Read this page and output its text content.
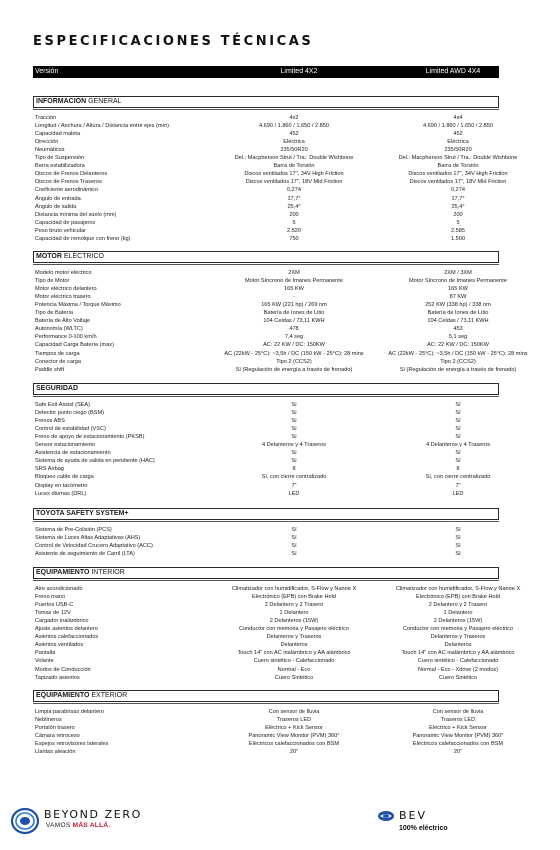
ESPECIFICACIONES TÉCNICAS
Versión	Limited 4X2	Limited AWD 4X4
INFORMACIÓN GENERAL
Tracción	4x2	4x4
Longitud / Anchura / Altura / Distancia entre ejes (mm)	4.690 / 1.860 / 1.650 / 2.850	4.690 / 1.860 / 1.650 / 2.850
Capacidad maleta	452	452
Dirección	Eléctrica	Eléctrica
Neumáticos	235/50R20	235/50R20
Tipo de Suspensión	Del.: Macpherson Strut / Tra.: Double Wishbone	Del.: Macpherson Strut / Tra.: Double Wishbone
Barra estabilizadora	Barra de Torsión	Barra de Torsión
Discos de Frenos Delanteros	Discos ventilados 17", 34V High Friction	Discos ventilados 17", 34V High Friction
Discos de Frenos Traseros	Discos ventilados 17", 18V Mid Friction	Discos ventilados 17", 18V Mid Friction
Coeficiente aerodinámico	0,274	0,274
Ángulo de entrada	17,7°	17,7°
Ángulo de salida	25,4°	25,4°
Distancia mínima del suelo (mm)	200	200
Capacidad de pasajeros	5	5
Peso bruto vehicular	2.520	2.585
Capacidad de remolque con freno (kg)	750	1.500
MOTOR ELÉCTRICO
Modelo motor eléctrico	2XM	2XM / 3XM
Tipo de Motor	Motor Síncrono de Imanes Permanente	Motor Síncrono de Imanes Permanente
Motor eléctrico delantero	165 KW	165 KW
Motor eléctrico trasero	-	87 KW
Potencia Máxima / Torque Máximo	165 KW (221 hp) / 269 nm	252 KW (338 hp) / 338 nm
Tipo de Batería	Batería de Iones de Litio	Batería de Iones de Litio
Batería de Alto Voltaje	104 Celdas / 73,11 KWH	104 Celdas / 73,11 KWH
Autonomía (WLTC)	478	453
Performance 0-100 km/h	7,4 seg	5,1 seg
Capacidad Carga Batería (max)	AC: 22 KW / DC: 150KW	AC: 22 KW / DC: 150KW
Tiempos de carga	AC (22kW - 25°C): ~3,5h / DC (150 kW - 25°C): 28 mins	AC (22kW - 25°C): ~3,5h / DC (150 kW - 25°C): 28 mins
Conector de carga	Tipo 2 (CCS2)	Tipo 2 (CCS2)
Paddle shift	Sí (Regulación de energía a través de frenado)	Sí (Regulación de energía a través de frenado)
SEGURIDAD
Safe Exit Assist (SEA)	Sí	Sí
Detector punto ciego (BSM)	Sí	Sí
Frenos ABS	Sí	Sí
Control de estabilidad (VSC)	Sí	Sí
Freno de apoyo de estacionamiento (PKSB)	Sí	Sí
Sensor estacionamiento	4 Delanteros y 4 Traseros	4 Delanteros y 4 Traseros
Asistencia de estacionamiento	Sí	Sí
Sistema de ayuda de salida en pendiente (HAC)	Sí	Sí
SRS Airbag	8	8
Bloqueo cable de carga	Sí, con cierre centralizado	Sí, con cierre centralizado
Display en tacómetro	7"	7"
Luces diurnas (DRL)	LED	LED
TOYOTA SAFETY SYSTEM+
Sistema de Pre-Colisión (PCS)	Sí	Sí
Sistema de Luces Altas Adaptativas (AHS)	Sí	Sí
Control de Velocidad Crucero Adaptativo (ACC)	Sí	Sí
Asistente de seguimiento de Carril (LTA)	Sí	Sí
EQUIPAMIENTO INTERIOR
Aire acondicionado	Climatizador con humidificador, S-Flow y Nanoe X	Climatizador con humidificador, S-Flow y Nanoe X
Freno mano	Electrónico (EPB) con Brake Hold	Electrónico (EPB) con Brake Hold
Puertos USB-C	2 Delantero y 2 Trasero	2 Delantero y 2 Trasero
Tomas de 12V	1 Delantero	1 Delantero
Cargador inalámbrico	2 Delanteros (15W)	2 Delanteros (15W)
Ajuste asientos delantero	Conductor con memoria y Pasajero eléctrico	Conductor con memoria y Pasajero eléctrico
Asientos calefaccionados	Delanteros y Traseros	Delanteros y Traseros
Asientos ventilados	Delanteros	Delanteros
Pantalla	Touch 14" con AC inalámbrico y AA alámbrico	Touch 14" con AC inalámbrico y AA alámbrico
Volante	Cuero sintético - Calefaccionado	Cuero sintético - Calefaccionado
Modos de Conducción	Normal - Eco	Normal - Eco - Xdrive (2 modos)
Tapizado asientos	Cuero Sintético	Cuero Sintético
EQUIPAMIENTO EXTERIOR
Limpia parabrisas delantero	Con sensor de lluvia	Con sensor de lluvia
Neblineros	Traseros LED	Traseros LED
Portalón trasero	Eléctrico + Kick Sensor	Eléctrico + Kick Sensor
Cámara retroceso	Panoramic View Monitor (PVM) 360°	Panoramic View Monitor (PVM) 360°
Espejos retrovisores laterales	Eléctricos calefaccionados con BSM	Eléctricos calefaccionados con BSM
Llantas aleación	20"	20"
BEYOND ZERO
VAMOS MÁS ALLÁ.
BEV
100% eléctrico
